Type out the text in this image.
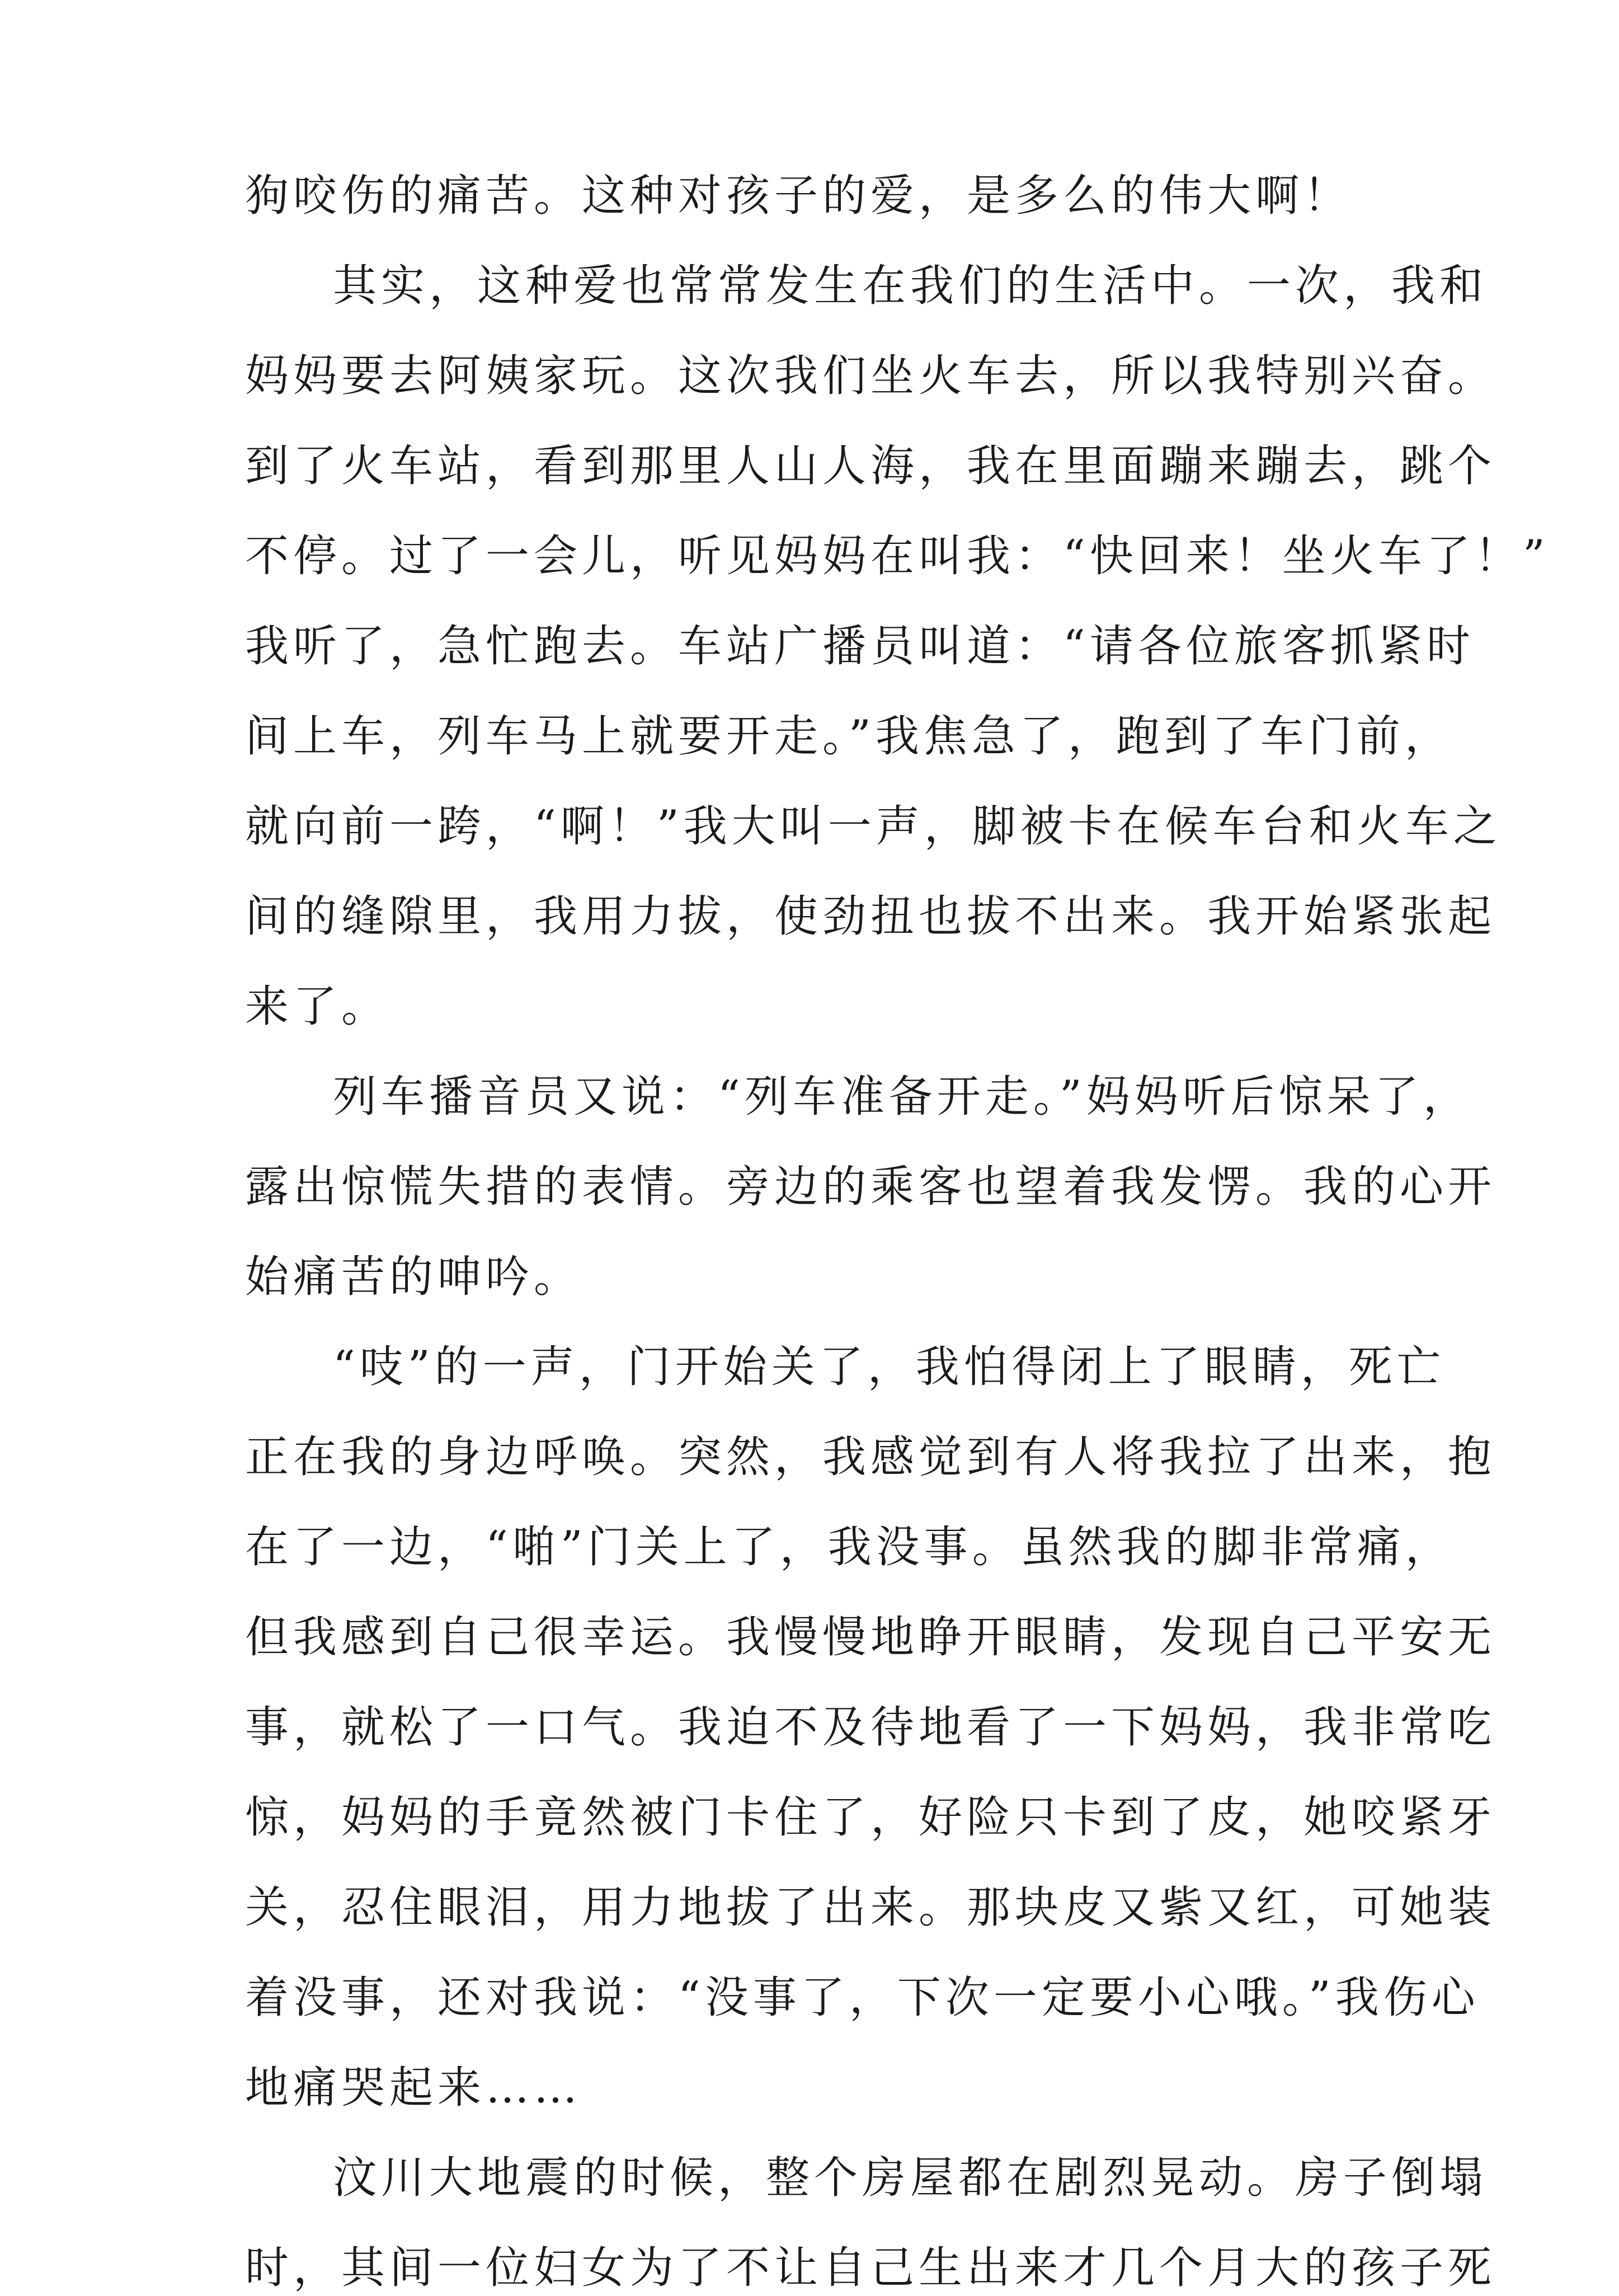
狗咬伤的痛苦。这种对孩子的爱，是多么的伟大啊！
其实，这种爱也常常发生在我们的生活中。一次，我和
妈妈要去阿姨家玩。这次我们坐火车去，所以我特别兴奋。
到了火车站，看到那里人山人海，我在里面蹦来蹦去，跳个
不停。过了一会儿，听见妈妈在叫我：“快回来！坐火车了！”
我听了，急忙跑去。车站广播员叫道：“请各位旅客抓紧时
间上车，列车马上就要开走。”我焦急了，跑到了车门前，
就向前一跨，“啊！”我大叫一声，脚被卡在候车台和火车之
间的缝隙里，我用力拔，使劲扭也拔不出来。我开始紧张起
来了。
列车播音员又说：“列车准备开走。”妈妈听后惊呆了，
露出惊慌失措的表情。旁边的乘客也望着我发愣。我的心开
始痛苦的呻吟。
“吱”的一声，门开始关了，我怕得闭上了眼睛，死亡
正在我的身边呼唤。突然，我感觉到有人将我拉了出来，抱
在了一边，“啪”门关上了，我没事。虽然我的脚非常痛，
但我感到自己很幸运。我慢慢地睁开眼睛，发现自己平安无
事，就松了一口气。我迫不及待地看了一下妈妈，我非常吃
惊，妈妈的手竟然被门卡住了，好险只卡到了皮，她咬紧牙
关，忍住眼泪，用力地拔了出来。那块皮又紫又红，可她装
着没事，还对我说：“没事了，下次一定要小心哦。”我伤心
地痛哭起来……
汶川大地震的时候，整个房屋都在剧烈晃动。房子倒塌
时，其间一位妇女为了不让自己生出来才几个月大的孩子死
